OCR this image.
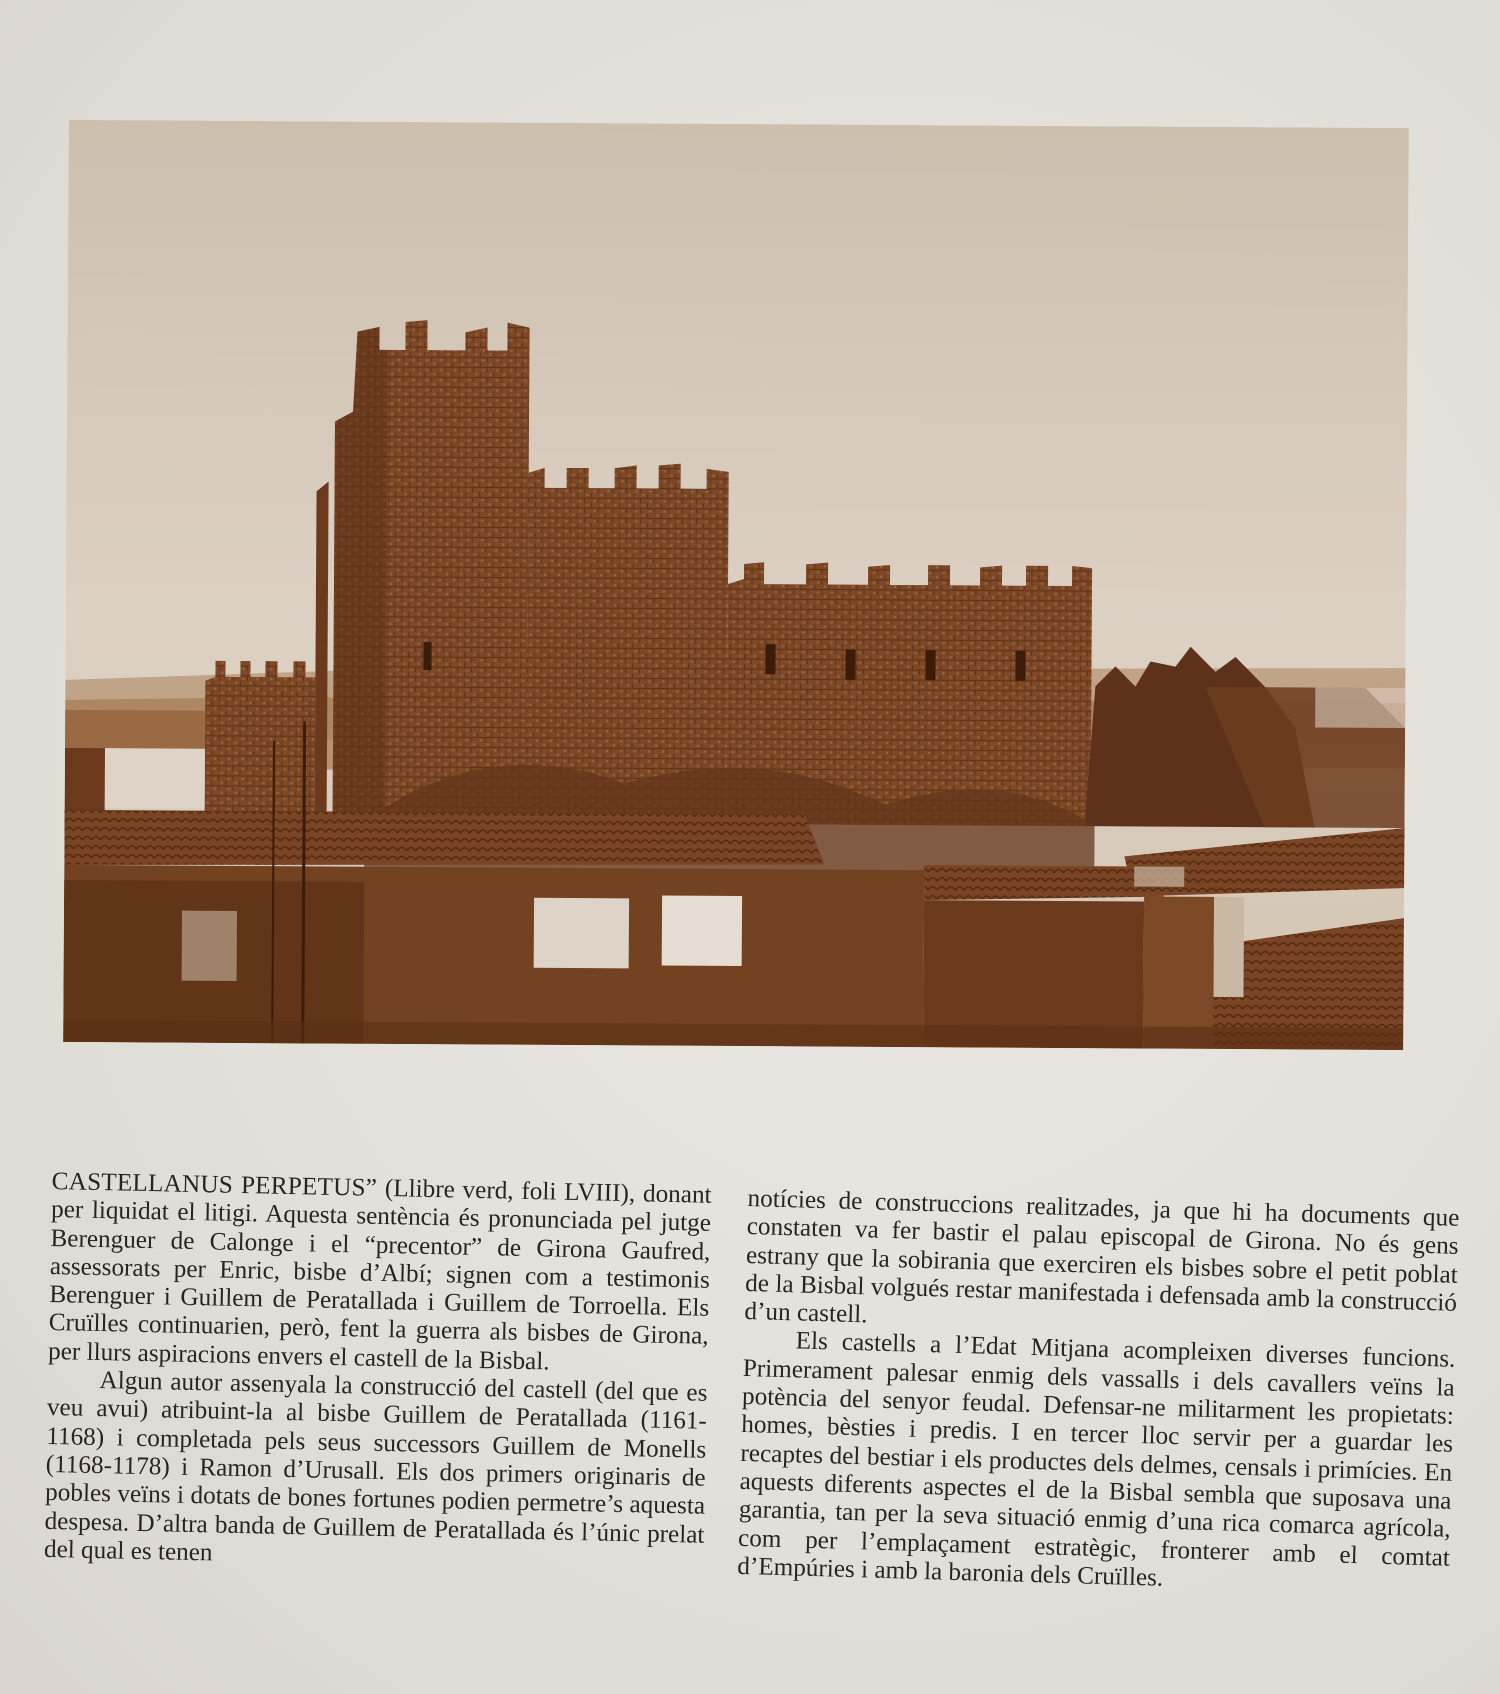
CASTELLANUS PERPETUS” (Llibre verd, foli LVIII), donant per liquidat el litigi. Aquesta sentència és pronunciada pel jutge Berenguer de Calonge i el “precentor” de Girona Gaufred, assessorats per Enric, bisbe d’Albí; signen com a testimonis Berenguer i Guillem de Peratallada i Guillem de Torroella. Els Cruïlles continuarien, però, fent la guerra als bisbes de Girona, per llurs aspiracions envers el castell de la Bisbal.

Algun autor assenyala la construcció del castell (del que es veu avui) atribuint-la al bisbe Guillem de Peratallada (1161-1168) i completada pels seus successors Guillem de Monells (1168-1178) i Ramon d’Urusall. Els dos primers originaris de pobles veïns i dotats de bones fortunes podien permetre’s aquesta despesa. D’altra banda de Guillem de Peratallada és l’únic prelat del qual es tenen

notícies de construccions realitzades, ja que hi ha documents que constaten va fer bastir el palau episcopal de Girona. No és gens estrany que la sobirania que exerciren els bisbes sobre el petit poblat de la Bisbal volgués restar manifestada i defensada amb la construcció d’un castell.

Els castells a l’Edat Mitjana acompleixen diverses funcions. Primerament palesar enmig dels vassalls i dels cavallers veïns la potència del senyor feudal. Defensar-ne militarment les propietats: homes, bèsties i predis. I en tercer lloc servir per a guardar les recaptes del bestiar i els productes dels delmes, censals i primícies. En aquests diferents aspectes el de la Bisbal sembla que suposava una garantia, tan per la seva situació enmig d’una rica comarca agrícola, com per l’emplaçament estratègic, fronterer amb el comtat d’Empúries i amb la baronia dels Cruïlles.
